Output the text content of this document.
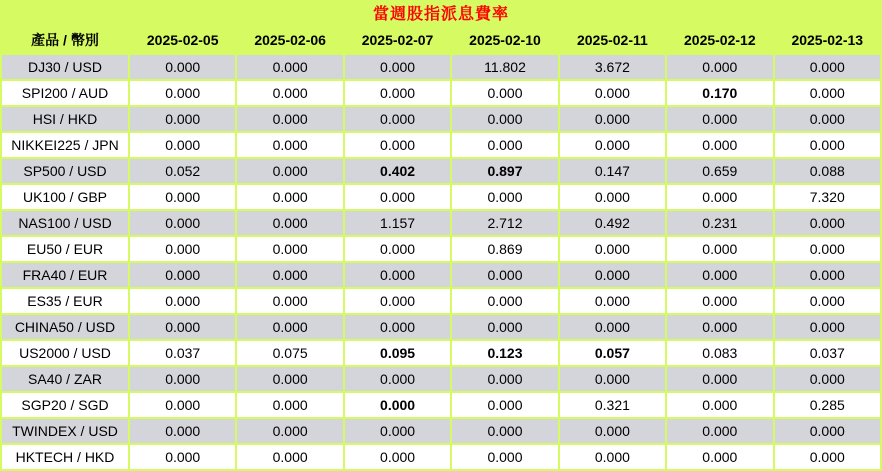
當週股指派息費率
產品 / 幣別	2025-02-05	2025-02-06	2025-02-07	2025-02-10	2025-02-11	2025-02-12	2025-02-13
DJ30 / USD	0.000	0.000	0.000	11.802	3.672	0.000	0.000
SPI200 / AUD	0.000	0.000	0.000	0.000	0.000	0.170	0.000
HSI / HKD	0.000	0.000	0.000	0.000	0.000	0.000	0.000
NIKKEI225 / JPN	0.000	0.000	0.000	0.000	0.000	0.000	0.000
SP500 / USD	0.052	0.000	0.402	0.897	0.147	0.659	0.088
UK100 / GBP	0.000	0.000	0.000	0.000	0.000	0.000	7.320
NAS100 / USD	0.000	0.000	1.157	2.712	0.492	0.231	0.000
EU50 / EUR	0.000	0.000	0.000	0.869	0.000	0.000	0.000
FRA40 / EUR	0.000	0.000	0.000	0.000	0.000	0.000	0.000
ES35 / EUR	0.000	0.000	0.000	0.000	0.000	0.000	0.000
CHINA50 / USD	0.000	0.000	0.000	0.000	0.000	0.000	0.000
US2000 / USD	0.037	0.075	0.095	0.123	0.057	0.083	0.037
SA40 / ZAR	0.000	0.000	0.000	0.000	0.000	0.000	0.000
SGP20 / SGD	0.000	0.000	0.000	0.000	0.321	0.000	0.285
TWINDEX / USD	0.000	0.000	0.000	0.000	0.000	0.000	0.000
HKTECH / HKD	0.000	0.000	0.000	0.000	0.000	0.000	0.000
